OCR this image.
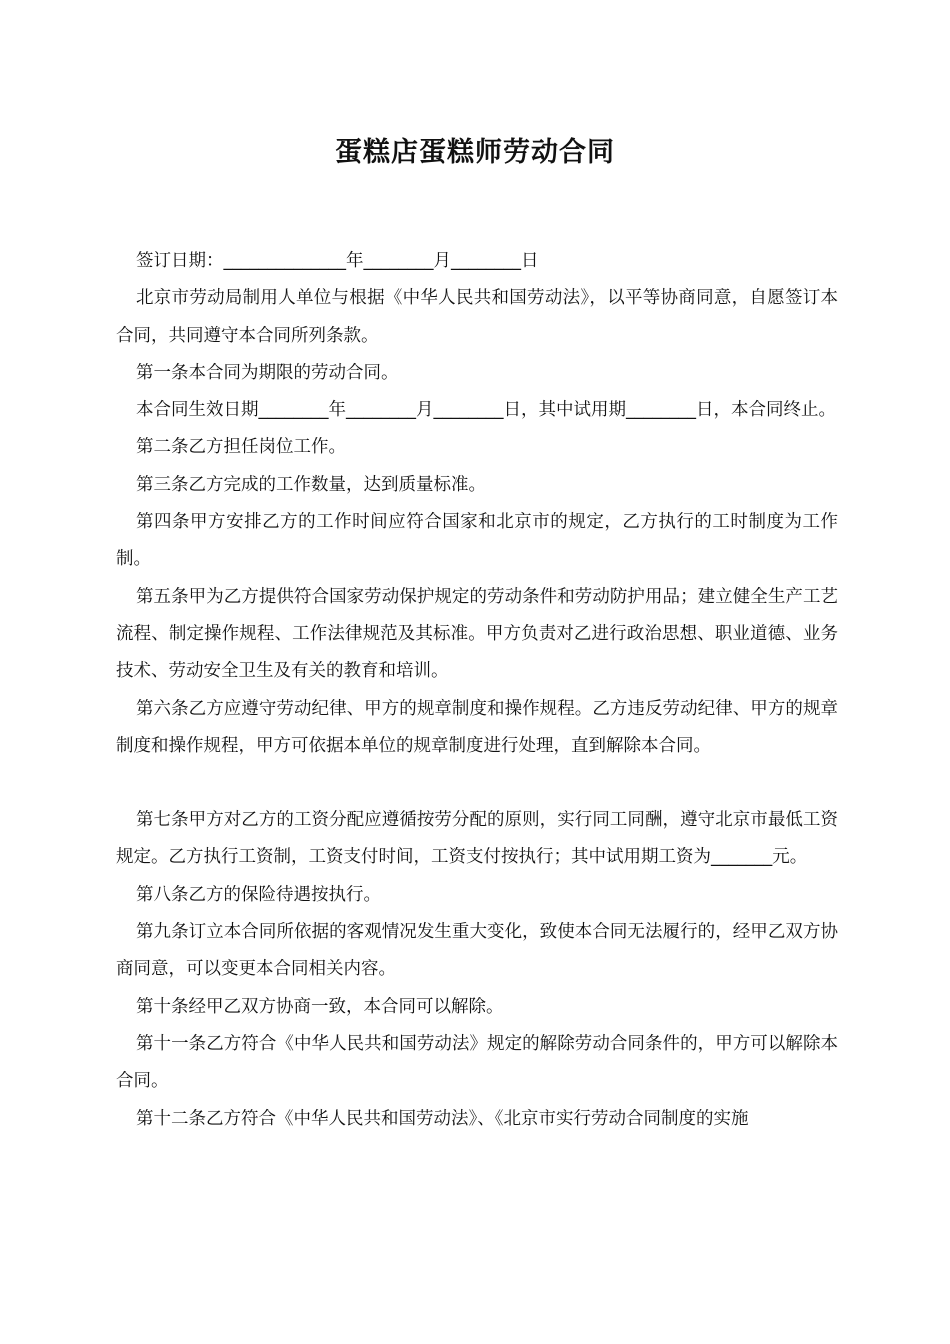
蛋糕店蛋糕师劳动合同

签订日期：______________年________月________日

北京市劳动局制用人单位与根据《中华人民共和国劳动法》，以平等协商同意，自愿签订本合同，共同遵守本合同所列条款。

第一条本合同为期限的劳动合同。

本合同生效日期________年________月________日，其中试用期________日，本合同终止。

第二条乙方担任岗位工作。

第三条乙方完成的工作数量，达到质量标准。

第四条甲方安排乙方的工作时间应符合国家和北京市的规定，乙方执行的工时制度为工作制。

第五条甲为乙方提供符合国家劳动保护规定的劳动条件和劳动防护用品；建立健全生产工艺流程、制定操作规程、工作法律规范及其标准。甲方负责对乙进行政治思想、职业道德、业务技术、劳动安全卫生及有关的教育和培训。

第六条乙方应遵守劳动纪律、甲方的规章制度和操作规程。乙方违反劳动纪律、甲方的规章制度和操作规程，甲方可依据本单位的规章制度进行处理，直到解除本合同。

第七条甲方对乙方的工资分配应遵循按劳分配的原则，实行同工同酬，遵守北京市最低工资规定。乙方执行工资制，工资支付时间，工资支付按执行；其中试用期工资为_______元。

第八条乙方的保险待遇按执行。

第九条订立本合同所依据的客观情况发生重大变化，致使本合同无法履行的，经甲乙双方协商同意，可以变更本合同相关内容。

第十条经甲乙双方协商一致，本合同可以解除。

第十一条乙方符合《中华人民共和国劳动法》规定的解除劳动合同条件的，甲方可以解除本合同。

第十二条乙方符合《中华人民共和国劳动法》、《北京市实行劳动合同制度的实施
